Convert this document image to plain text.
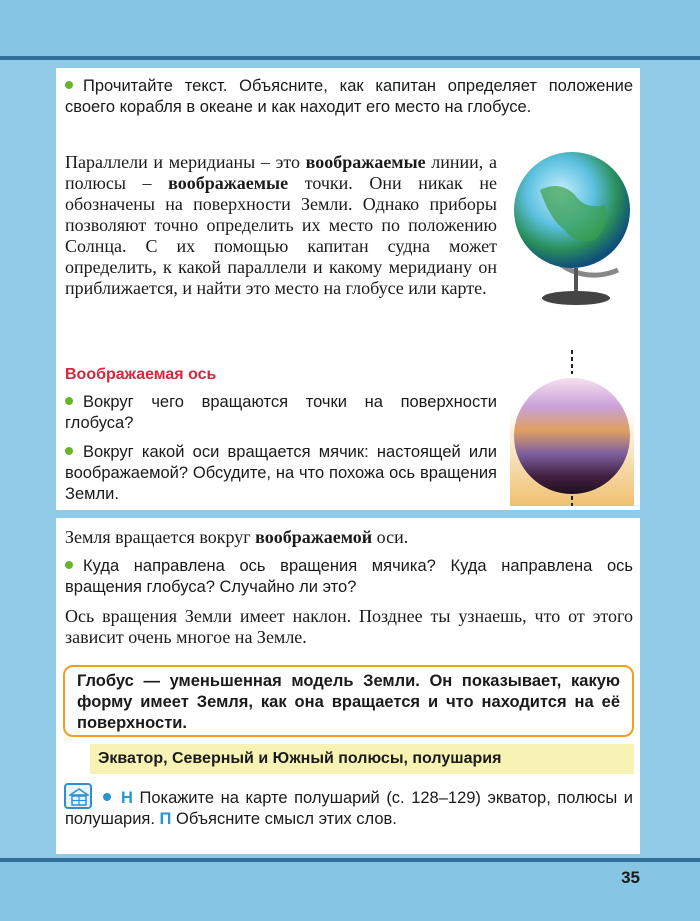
Прочитайте текст. Объясните, как капитан определяет положение своего корабля в океане и как находит его место на глобусе.

Параллели и меридианы – это воображаемые линии, а полюсы – воображаемые точки. Они никак не обозначены на поверхности Земли. Однако приборы позволяют точно определить их место по положению Солнца. С их помощью капитан судна может определить, к какой параллели и какому меридиану он приближается, и найти это место на глобусе или карте.

Воображаемая ось

Вокруг чего вращаются точки на поверхности глобуса?

Вокруг какой оси вращается мячик: настоящей или воображаемой? Обсудите, на что похожа ось вращения Земли.

Земля вращается вокруг воображаемой оси.

Куда направлена ось вращения мячика? Куда направлена ось вращения глобуса? Случайно ли это?

Ось вращения Земли имеет наклон. Позднее ты узнаешь, что от этого зависит очень многое на Земле.

Глобус — уменьшенная модель Земли. Он показывает, какую форму имеет Земля, как она вращается и что находится на её поверхности.
Экватор, Северный и Южный полюсы, полушария

Н Покажите на карте полушарий (с. 128–129) экватор, полюсы и полушария. П Объясните смысл этих слов.

35
